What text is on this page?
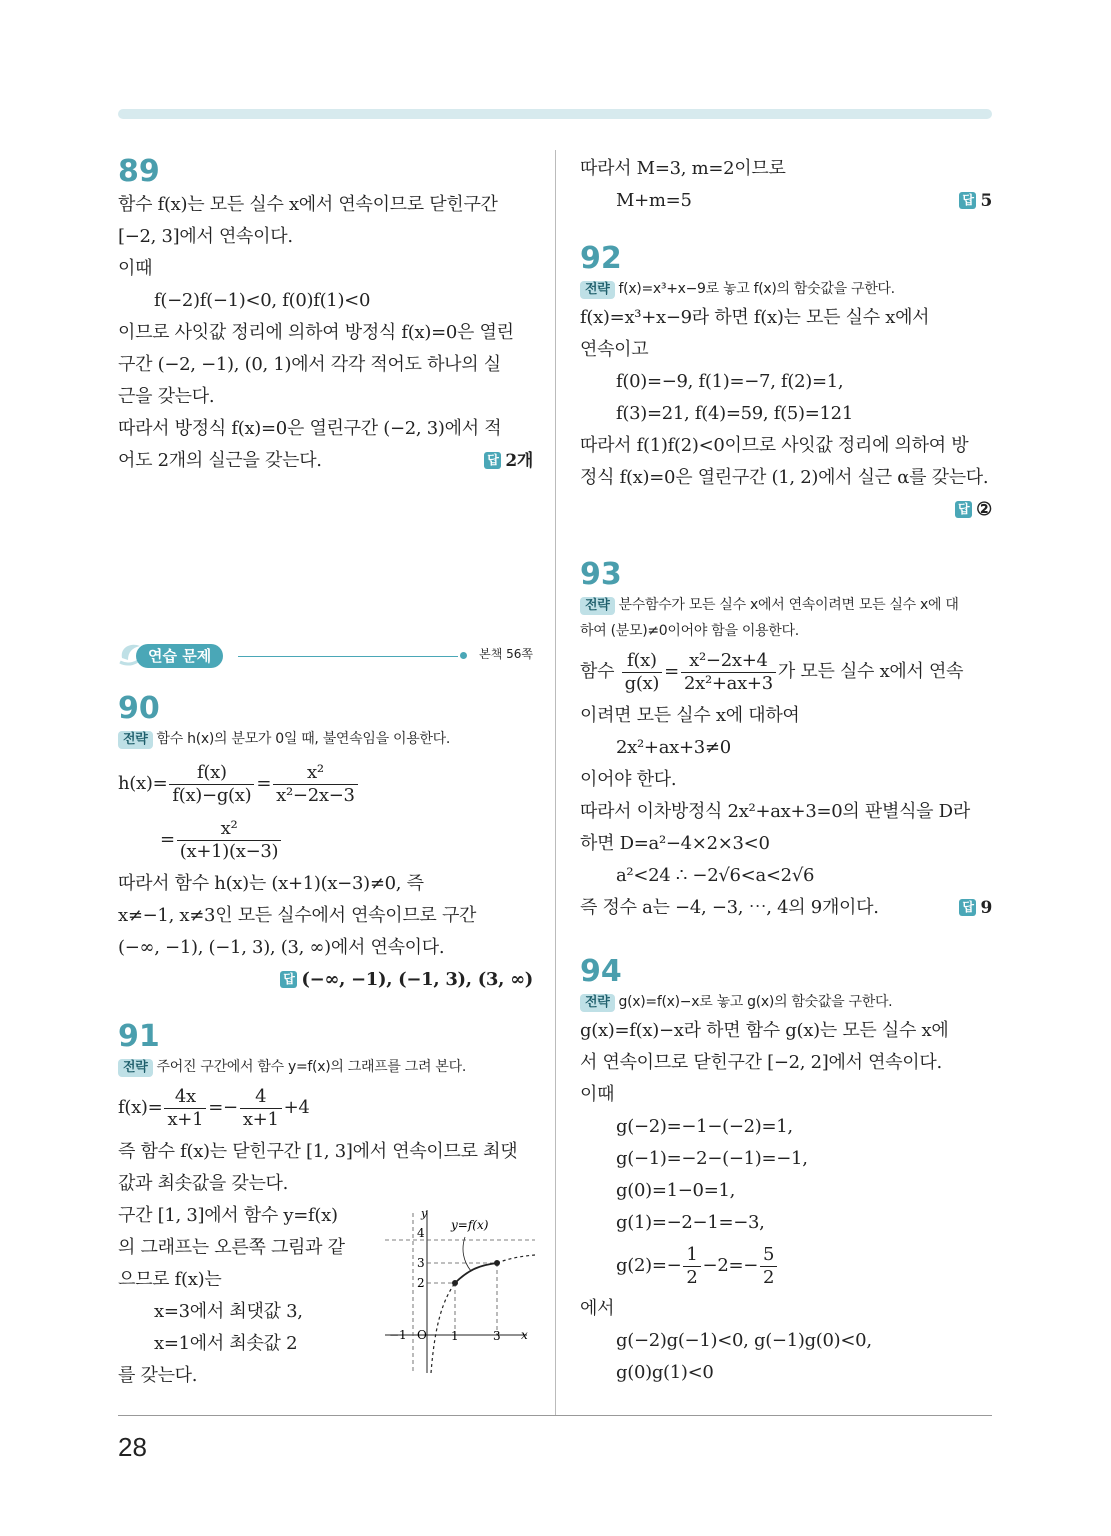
28
89
함수 f(x)는 모든 실수 x에서 연속이므로 닫힌구간
[−2, 3]에서 연속이다.
이때
f(−2)f(−1)<0, f(0)f(1)<0
이므로 사잇값 정리에 의하여 방정식 f(x)=0은 열린
구간 (−2, −1), (0, 1)에서 각각 적어도 하나의 실
근을 갖는다.
따라서 방정식 f(x)=0은 열린구간 (−2, 3)에서 적
어도 2개의 실근을 갖는다.	답 2개
연습 문제	본책 56쪽
90
전략 함수 h(x)의 분모가 0일 때, 불연속임을 이용한다.
$h(x)= \frac{f(x)}{f(x)-g(x)} = \frac{\text{x²}}{\text{x²−2x−3}}$
= $\frac{\text{x²}}{(x+1)(x-3)}$
따라서 함수 h(x)는 (x+1)(x−3)≠0, 즉
x≠−1, x≠3인 모든 실수에서 연속이므로 구간
(−∞, −1), (−1, 3), (3, ∞)에서 연속이다.
답 (−∞, −1), (−1, 3), (3, ∞)
91
전략 주어진 구간에서 함수 y=f(x)의 그래프를 그려 본다.
$f(x)= \frac{4x}{x+1} =- \frac{4}{x+1} +4$
즉 함수 f(x)는 닫힌구간 [1, 3]에서 연속이므로 최댓
값과 최솟값을 갖는다.
구간 [1, 3]에서 함수 y=f(x)
의 그래프는 오른쪽 그림과 같
으므로 f(x)는
x=3에서 최댓값 3,
x=1에서 최솟값 2
를 갖는다.
y=f(x)
y
x
O
−1	1	3
2
3
4
따라서 M=3, m=2이므로
M+m=5	답 5
92
전략 f(x)=x³+x−9로 놓고 f(x)의 함숫값을 구한다.
f(x)=x³+x−9라 하면 f(x)는 모든 실수 x에서
연속이고
f(0)=−9, f(1)=−7, f(2)=1,
f(3)=21, f(4)=59, f(5)=121
따라서 f(1)f(2)<0이므로 사잇값 정리에 의하여 방
정식 f(x)=0은 열린구간 (1, 2)에서 실근 α를 갖는다.
답 ②
93
전략 분수함수가 모든 실수 x에서 연속이려면 모든 실수 x에 대
하여 (분모)≠0이어야 함을 이용한다.
함수 $\frac{f(x)}{g(x)} = \frac{\text{x²−2x+4}}{\text{2x²+ax+3}}$ 가 모든 실수 x에서 연속
이려면 모든 실수 x에 대하여
2x²+ax+3≠0
이어야 한다.
따라서 이차방정식 2x²+ax+3=0의 판별식을 D라
하면 D=a²−4×2×3<0
a²<24 ∴ −2√6<a<2√6
즉 정수 a는 −4, −3, ⋯, 4의 9개이다.	답 9
94
전략 g(x)=f(x)−x로 놓고 g(x)의 함숫값을 구한다.
g(x)=f(x)−x라 하면 함수 g(x)는 모든 실수 x에
서 연속이므로 닫힌구간 [−2, 2]에서 연속이다.
이때
g(−2)=−1−(−2)=1,
g(−1)=−2−(−1)=−1,
g(0)=1−0=1,
g(1)=−2−1=−3,
$g(2)=- \frac{1}{2} -2=- \frac{5}{2}$
에서
g(−2)g(−1)<0, g(−1)g(0)<0,
g(0)g(1)<0
